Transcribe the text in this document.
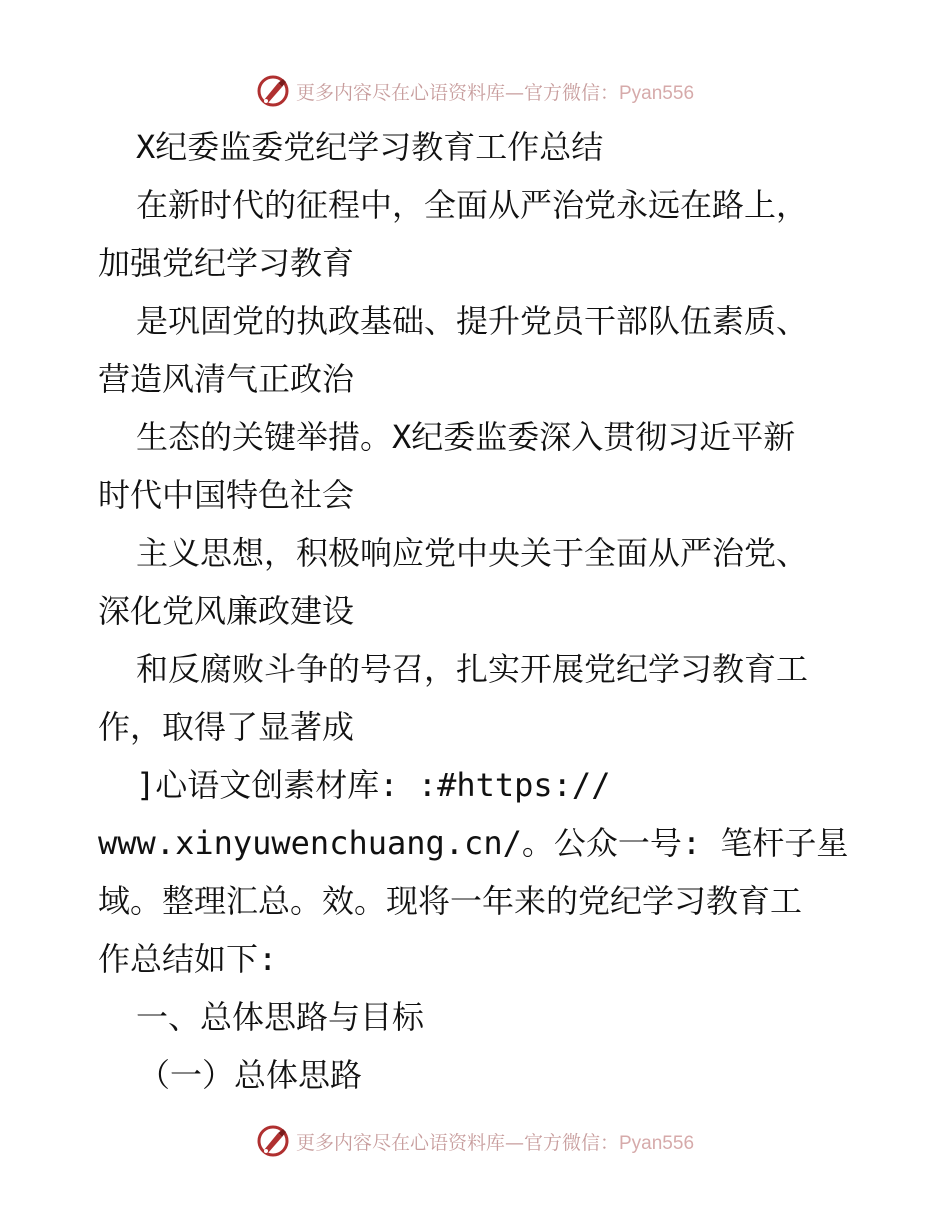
更多内容尽在心语资料库—官方微信：Pyan556
X纪委监委党纪学习教育工作总结
在新时代的征程中，全面从严治党永远在路上，
加强党纪学习教育
是巩固党的执政基础、提升党员干部队伍素质、
营造风清气正政治
生态的关键举措。X纪委监委深入贯彻习近平新
时代中国特色社会
主义思想，积极响应党中央关于全面从严治党、
深化党风廉政建设
和反腐败斗争的号召，扎实开展党纪学习教育工
作，取得了显著成
]心语文创素材库: :#https://
www.xinyuwenchuang.cn/。公众一号: 笔杆子星
域。整理汇总。效。现将一年来的党纪学习教育工
作总结如下:
一、总体思路与目标
（一）总体思路
更多内容尽在心语资料库—官方微信：Pyan556
